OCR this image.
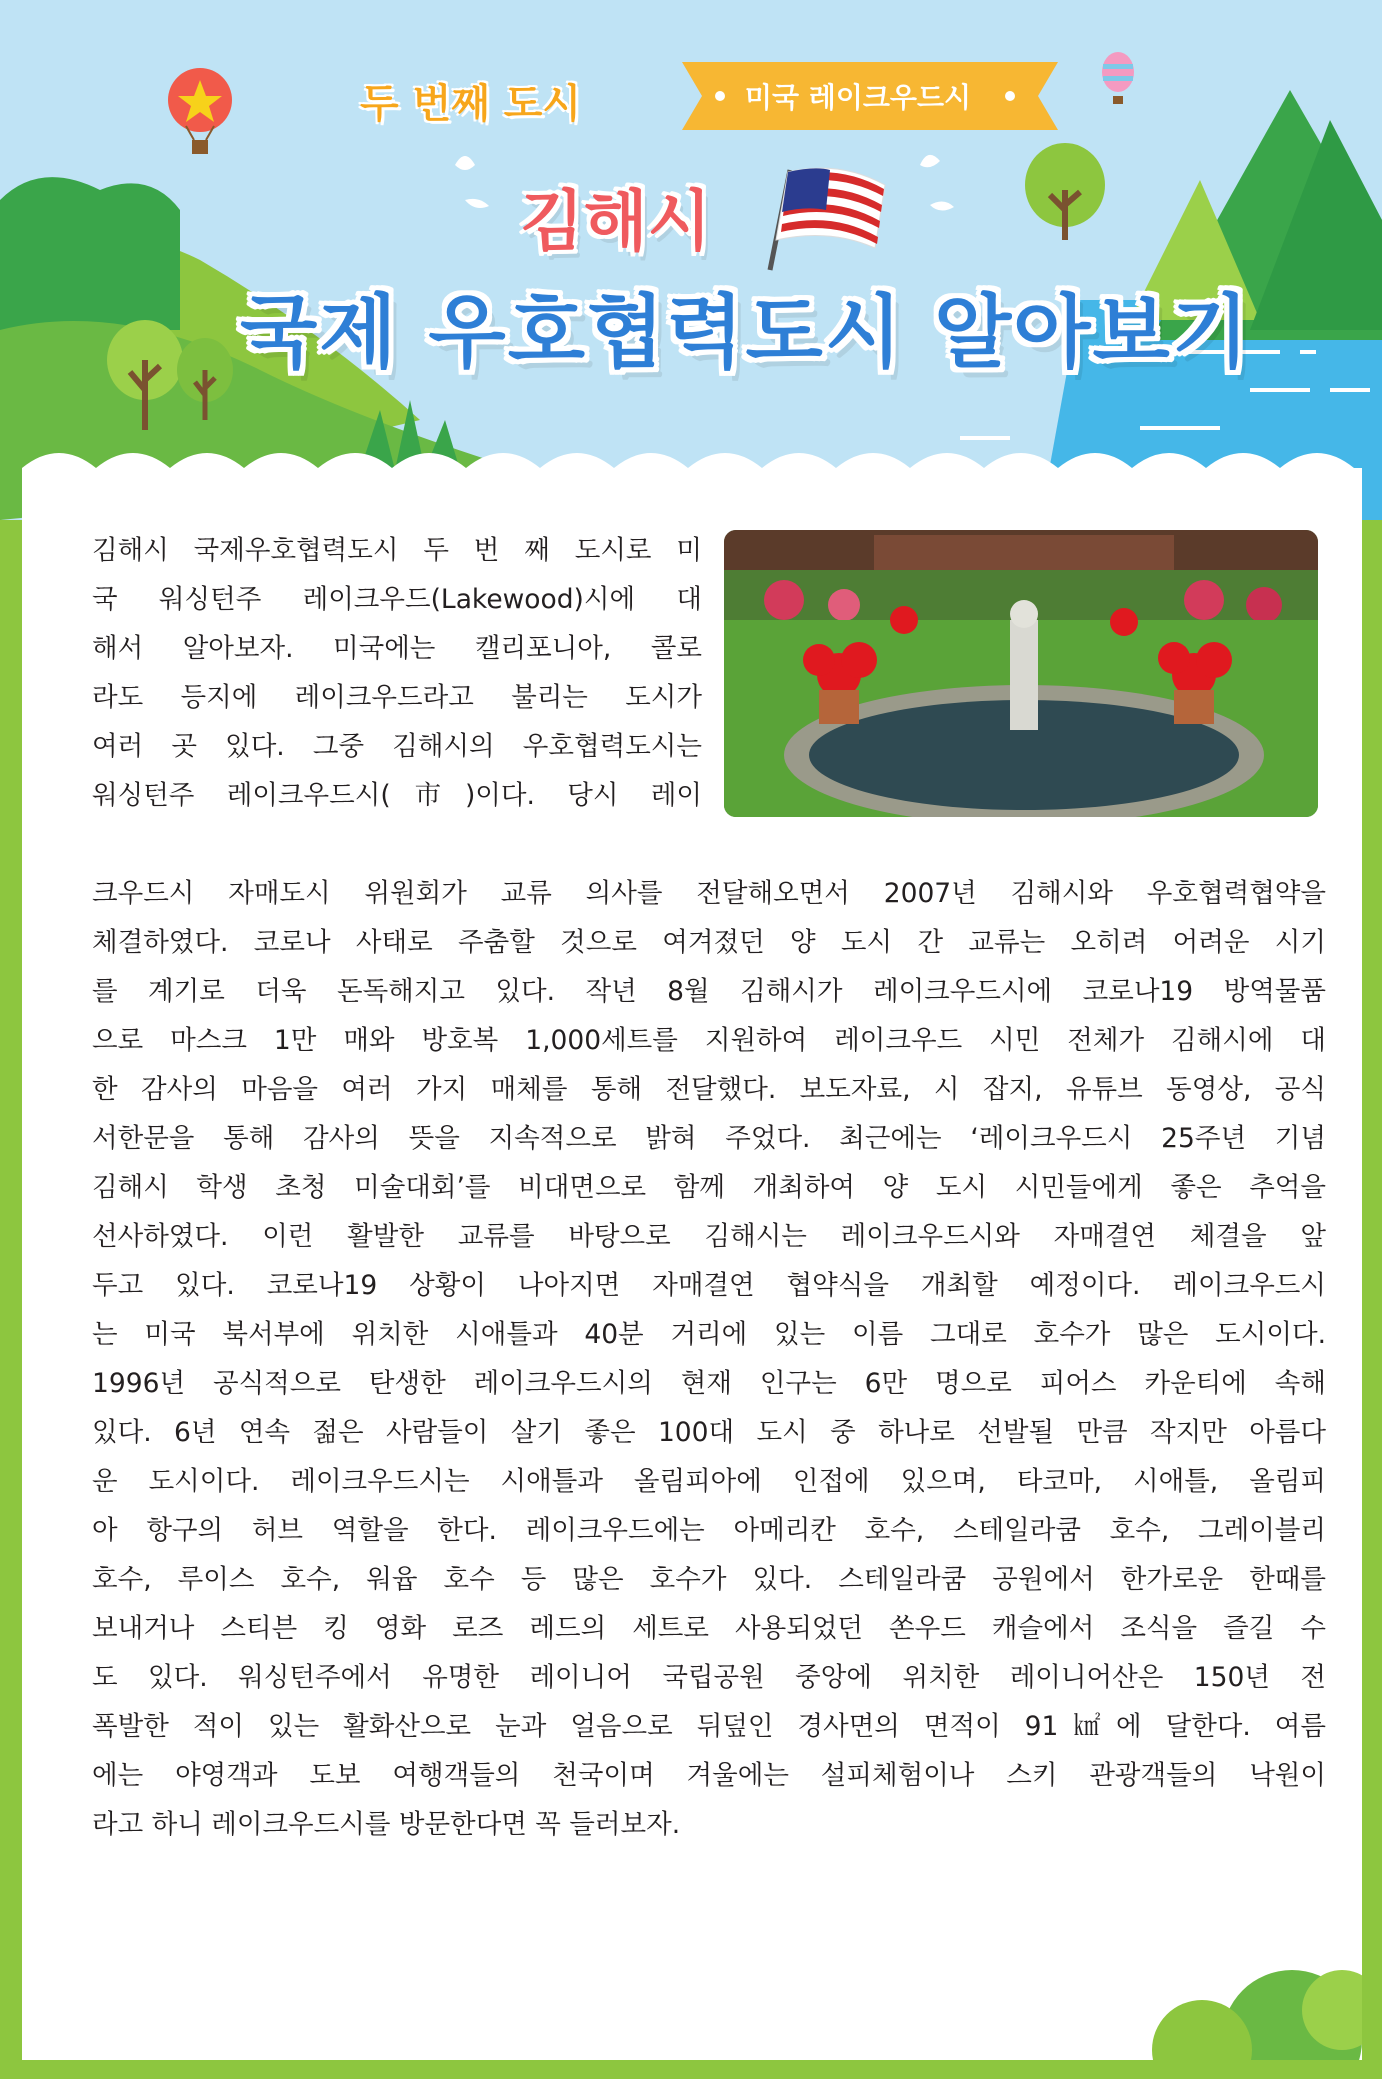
두 번째 도시	미국 레이크우드시
김해시
국제 우호협력도시 알아보기
김해시 국제우호협력도시 두 번 째 도시로 미
국 워싱턴주 레이크우드(Lakewood)시에 대
해서 알아보자. 미국에는 캘리포니아, 콜로
라도 등지에 레이크우드라고 불리는 도시가
여러 곳 있다. 그중 김해시의 우호협력도시는
워싱턴주 레이크우드시(市)이다. 당시 레이
크우드시 자매도시 위원회가 교류 의사를 전달해오면서 2007년 김해시와 우호협력협약을
체결하였다. 코로나 사태로 주춤할 것으로 여겨졌던 양 도시 간 교류는 오히려 어려운 시기
를 계기로 더욱 돈독해지고 있다. 작년 8월 김해시가 레이크우드시에 코로나19 방역물품
으로 마스크 1만 매와 방호복 1,000세트를 지원하여 레이크우드 시민 전체가 김해시에 대
한 감사의 마음을 여러 가지 매체를 통해 전달했다. 보도자료, 시 잡지, 유튜브 동영상, 공식
서한문을 통해 감사의 뜻을 지속적으로 밝혀 주었다. 최근에는 ‘레이크우드시 25주년 기념
김해시 학생 초청 미술대회’를 비대면으로 함께 개최하여 양 도시 시민들에게 좋은 추억을
선사하였다. 이런 활발한 교류를 바탕으로 김해시는 레이크우드시와 자매결연 체결을 앞
두고 있다. 코로나19 상황이 나아지면 자매결연 협약식을 개최할 예정이다. 레이크우드시
는 미국 북서부에 위치한 시애틀과 40분 거리에 있는 이름 그대로 호수가 많은 도시이다.
1996년 공식적으로 탄생한 레이크우드시의 현재 인구는 6만 명으로 피어스 카운티에 속해
있다. 6년 연속 젊은 사람들이 살기 좋은 100대 도시 중 하나로 선발될 만큼 작지만 아름다
운 도시이다. 레이크우드시는 시애틀과 올림피아에 인접에 있으며, 타코마, 시애틀, 올림피
아 항구의 허브 역할을 한다. 레이크우드에는 아메리칸 호수, 스테일라쿰 호수, 그레이블리
호수, 루이스 호수, 워윱 호수 등 많은 호수가 있다. 스테일라쿰 공원에서 한가로운 한때를
보내거나 스티븐 킹 영화 로즈 레드의 세트로 사용되었던 쏜우드 캐슬에서 조식을 즐길 수
도 있다. 워싱턴주에서 유명한 레이니어 국립공원 중앙에 위치한 레이니어산은 150년 전
폭발한 적이 있는 활화산으로 눈과 얼음으로 뒤덮인 경사면의 면적이 91㎢에 달한다. 여름
에는 야영객과 도보 여행객들의 천국이며 겨울에는 설피체험이나 스키 관광객들의 낙원이
라고 하니 레이크우드시를 방문한다면 꼭 들러보자.
